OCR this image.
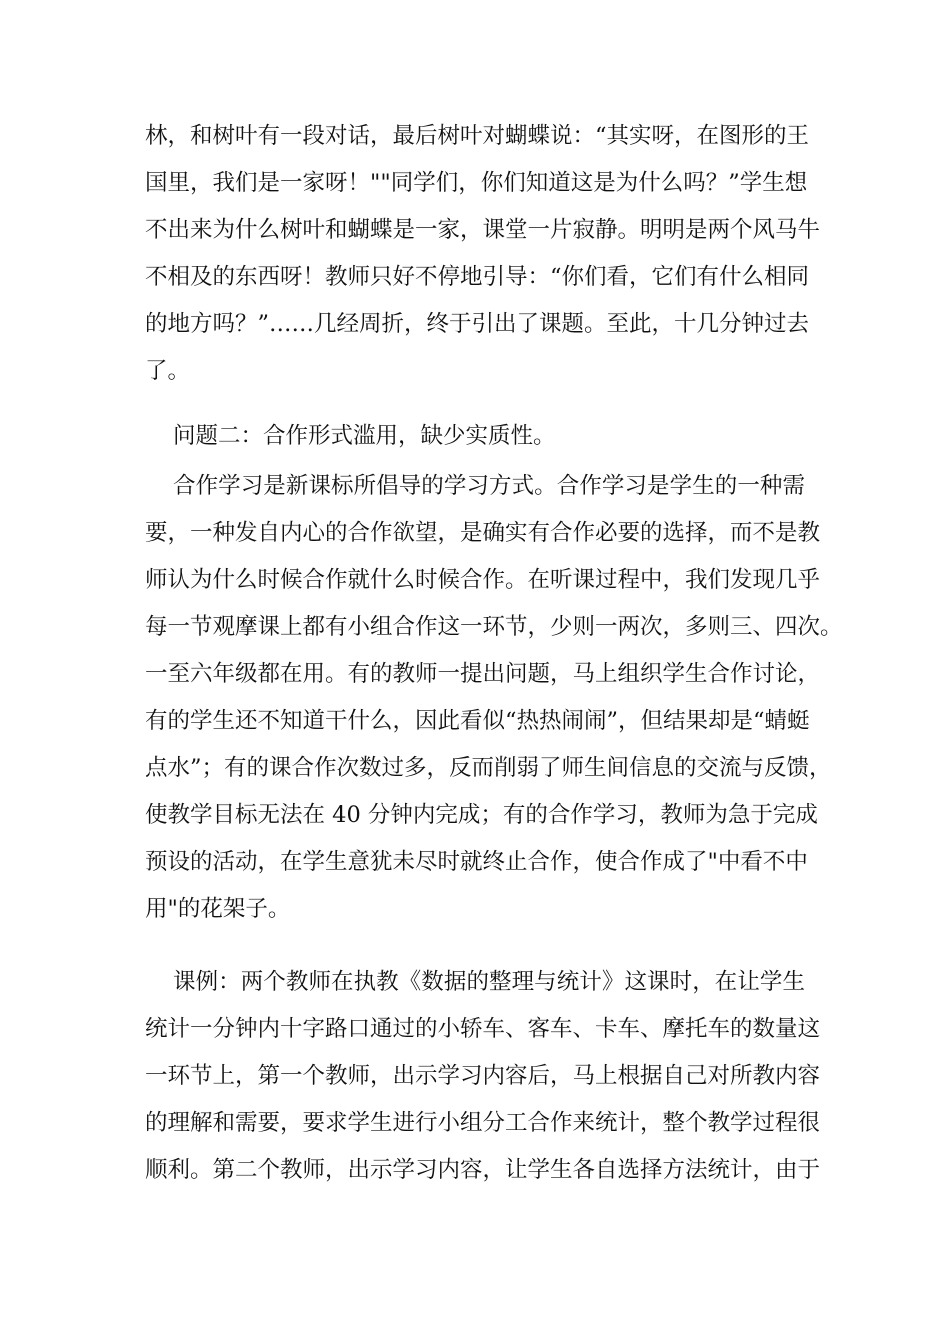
林，和树叶有一段对话，最后树叶对蝴蝶说：“其实呀，在图形的王
国里，我们是一家呀！""同学们，你们知道这是为什么吗？”学生想
不出来为什么树叶和蝴蝶是一家，课堂一片寂静。明明是两个风马牛
不相及的东西呀！教师只好不停地引导：“你们看，它们有什么相同
的地方吗？”……几经周折，终于引出了课题。至此，十几分钟过去
了。
问题二：合作形式滥用，缺少实质性。
合作学习是新课标所倡导的学习方式。合作学习是学生的一种需
要，一种发自内心的合作欲望，是确实有合作必要的选择，而不是教
师认为什么时候合作就什么时候合作。在听课过程中，我们发现几乎
每一节观摩课上都有小组合作这一环节，少则一两次，多则三、四次。
一至六年级都在用。有的教师一提出问题，马上组织学生合作讨论，
有的学生还不知道干什么，因此看似“热热闹闹”，但结果却是“蜻蜓
点水”；有的课合作次数过多，反而削弱了师生间信息的交流与反馈，
使教学目标无法在 40 分钟内完成；有的合作学习，教师为急于完成
预设的活动，在学生意犹未尽时就终止合作，使合作成了"中看不中
用"的花架子。
课例：两个教师在执教《数据的整理与统计》这课时，在让学生
统计一分钟内十字路口通过的小轿车、客车、卡车、摩托车的数量这
一环节上，第一个教师，出示学习内容后，马上根据自己对所教内容
的理解和需要，要求学生进行小组分工合作来统计，整个教学过程很
顺利。第二个教师，出示学习内容，让学生各自选择方法统计，由于
